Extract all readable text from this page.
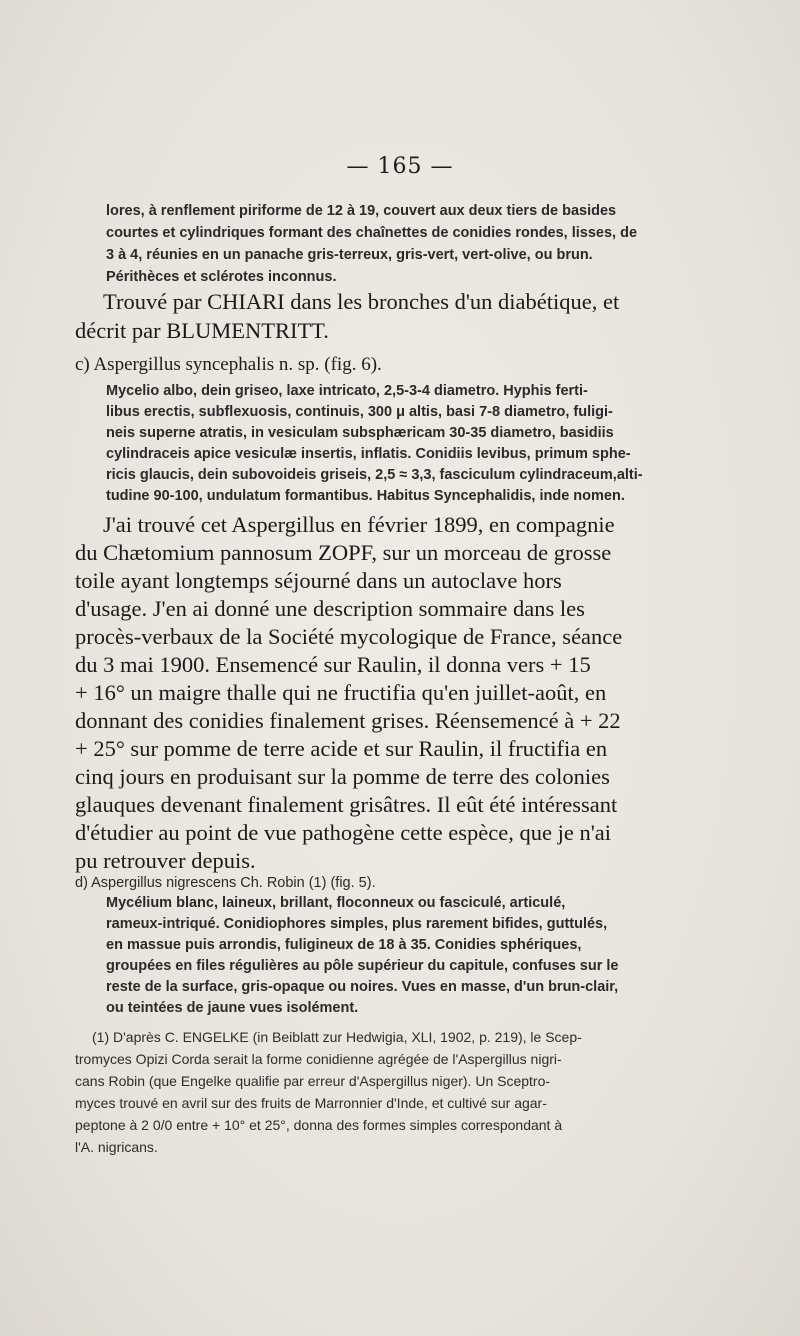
— 165 —
lores, à renflement piriforme de 12 à 19, couvert aux deux tiers de basides
courtes et cylindriques formant des chaînettes de conidies rondes, lisses, de
3 à 4, réunies en un panache gris-terreux, gris-vert, vert-olive, ou brun.
Périthèces et sclérotes inconnus.
Trouvé par CHIARI dans les bronches d'un diabétique, et
décrit par BLUMENTRITT.
c) Aspergillus syncephalis n. sp. (fig. 6).
Mycelio albo, dein griseo, laxe intricato, 2,5-3-4 diametro. Hyphis ferti-
libus erectis, subflexuosis, continuis, 300 μ altis, basi 7-8 diametro, fuligi-
neis superne atratis, in vesiculam subsphæricam 30-35 diametro, basidiis
cylindraceis apice vesiculæ insertis, inflatis. Conidiis levibus, primum sphe-
ricis glaucis, dein subovoideis griseis, 2,5 ≈ 3,3, fasciculum cylindraceum,alti-
tudine 90-100, undulatum formantibus. Habitus Syncephalidis, inde nomen.
J'ai trouvé cet Aspergillus en février 1899, en compagnie
du Chætomium pannosum ZOPF, sur un morceau de grosse
toile ayant longtemps séjourné dans un autoclave hors
d'usage. J'en ai donné une description sommaire dans les
procès-verbaux de la Société mycologique de France, séance
du 3 mai 1900. Ensemencé sur Raulin, il donna vers + 15
+ 16° un maigre thalle qui ne fructifia qu'en juillet-août, en
donnant des conidies finalement grises. Réensemencé à + 22
+ 25° sur pomme de terre acide et sur Raulin, il fructifia en
cinq jours en produisant sur la pomme de terre des colonies
glauques devenant finalement grisâtres. Il eût été intéressant
d'étudier au point de vue pathogène cette espèce, que je n'ai
pu retrouver depuis.
d) Aspergillus nigrescens Ch. Robin (1) (fig. 5).
Mycélium blanc, laineux, brillant, floconneux ou fasciculé, articulé,
rameux-intriqué. Conidiophores simples, plus rarement bifides, guttulés,
en massue puis arrondis, fuligineux de 18 à 35. Conidies sphériques,
groupées en files régulières au pôle supérieur du capitule, confuses sur le
reste de la surface, gris-opaque ou noires. Vues en masse, d'un brun-clair,
ou teintées de jaune vues isolément.
(1) D'après C. ENGELKE (in Beiblatt zur Hedwigia, XLI, 1902, p. 219), le Scep-
tromyces Opizi Corda serait la forme conidienne agrégée de l'Aspergillus nigri-
cans Robin (que Engelke qualifie par erreur d'Aspergillus niger). Un Sceptro-
myces trouvé en avril sur des fruits de Marronnier d'Inde, et cultivé sur agar-
peptone à 2 0/0 entre + 10° et 25°, donna des formes simples correspondant à
l'A. nigricans.
